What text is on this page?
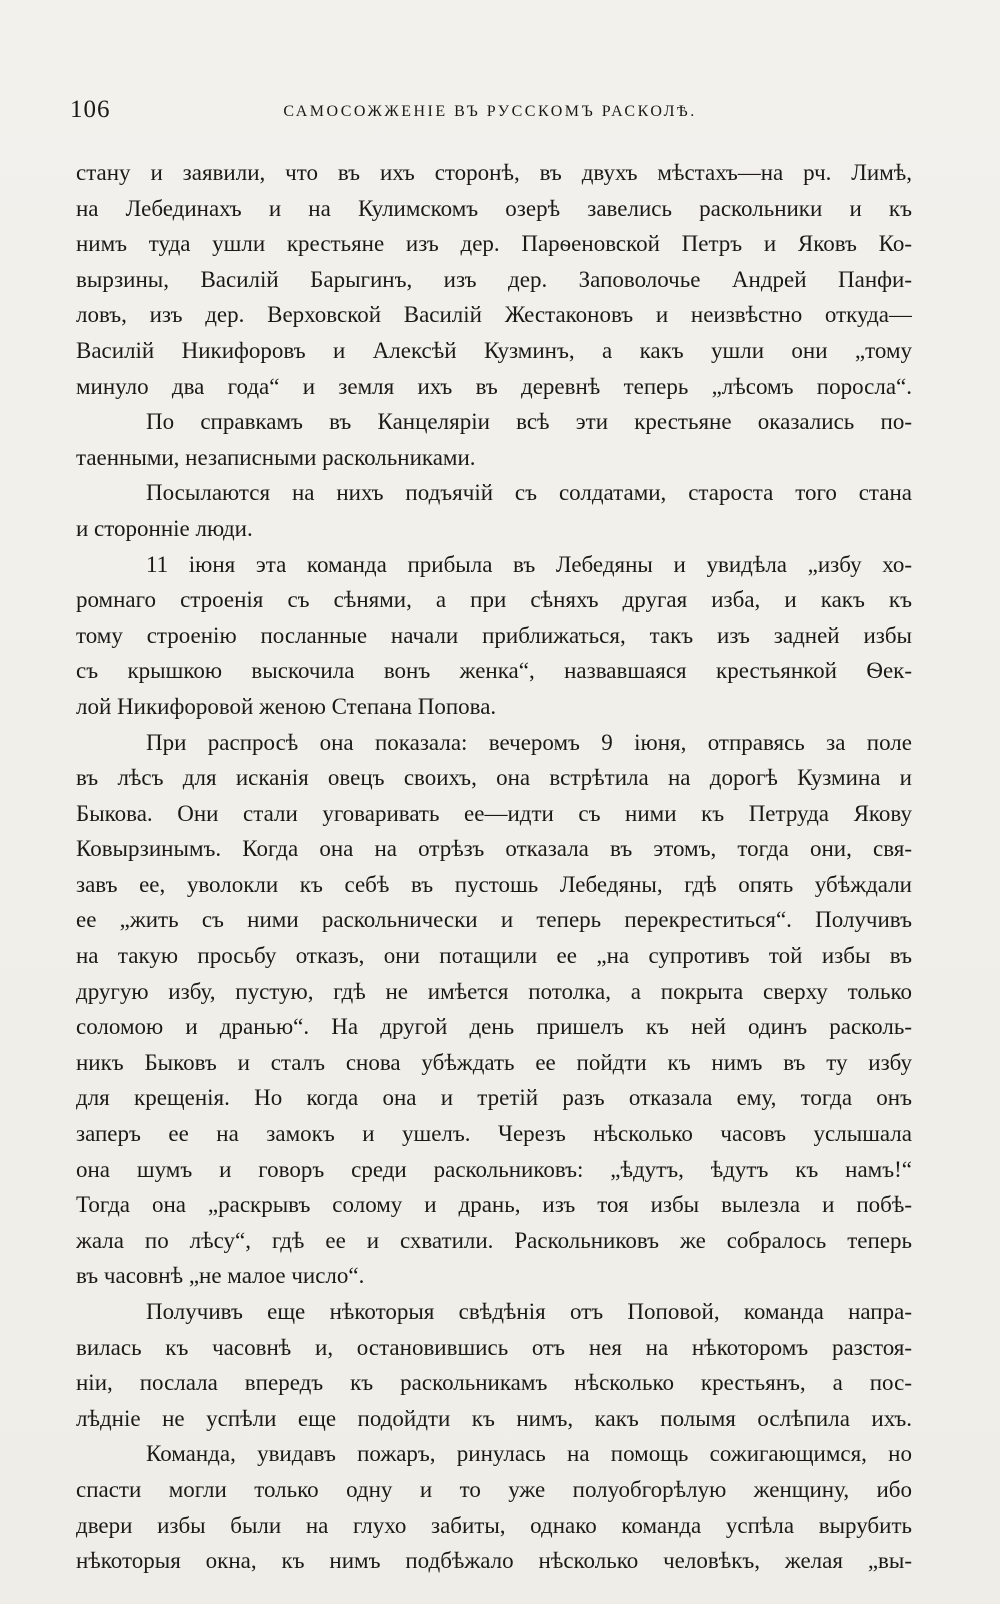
106	САМОСОЖЖЕНІЕ ВЪ РУССКОМЪ РАСКОЛѢ.
стану и заявили, что въ ихъ сторонѣ, въ двухъ мѣстахъ—на рч. Лимѣ,
на Лебединахъ и на Кулимскомъ озерѣ завелись раскольники и къ
нимъ туда ушли крестьяне изъ дер. Парѳеновской Петръ и Яковъ Ко-
вырзины, Василій Барыгинъ, изъ дер. Заповолочье Андрей Панфи-
ловъ, изъ дер. Верховской Василій Жестаконовъ и неизвѣстно откуда—
Василій Никифоровъ и Алексѣй Кузминъ, а какъ ушли они „тому
минуло два года“ и земля ихъ въ деревнѣ теперь „лѣсомъ поросла“.
По справкамъ въ Канцеляріи всѣ эти крестьяне оказались по-
таенными, незаписными раскольниками.
Посылаются на нихъ подъячій съ солдатами, староста того стана
и сторонніе люди.
11 іюня эта команда прибыла въ Лебедяны и увидѣла „избу хо-
ромнаго строенія съ сѣнями, а при сѣняхъ другая изба, и какъ къ
тому строенію посланные начали приближаться, такъ изъ задней избы
съ крышкою выскочила вонъ женка“, назвавшаяся крестьянкой Ѳек-
лой Никифоровой женою Степана Попова.
При распросѣ она показала: вечеромъ 9 іюня, отправясь за поле
въ лѣсъ для исканія овецъ своихъ, она встрѣтила на дорогѣ Кузмина и
Быкова. Они стали уговаривать ее—идти съ ними къ Петруда Якову
Ковырзинымъ. Когда она на отрѣзъ отказала въ этомъ, тогда они, свя-
завъ ее, уволокли къ себѣ въ пустошь Лебедяны, гдѣ опять убѣждали
ее „жить съ ними раскольнически и теперь перекреститься“. Получивъ
на такую просьбу отказъ, они потащили ее „на супротивъ той избы въ
другую избу, пустую, гдѣ не имѣется потолка, а покрыта сверху только
соломою и дранью“. На другой день пришелъ къ ней одинъ расколь-
никъ Быковъ и сталъ снова убѣждать ее пойдти къ нимъ въ ту избу
для крещенія. Но когда она и третій разъ отказала ему, тогда онъ
заперъ ее на замокъ и ушелъ. Черезъ нѣсколько часовъ услышала
она шумъ и говоръ среди раскольниковъ: „ѣдутъ, ѣдутъ къ намъ!“
Тогда она „раскрывъ солому и дрань, изъ тоя избы вылезла и побѣ-
жала по лѣсу“, гдѣ ее и схватили. Раскольниковъ же собралось теперь
въ часовнѣ „не малое число“.
Получивъ еще нѣкоторыя свѣдѣнія отъ Поповой, команда напра-
вилась къ часовнѣ и, остановившись отъ нея на нѣкоторомъ разстоя-
ніи, послала впередъ къ раскольникамъ нѣсколько крестьянъ, а пос-
лѣдніе не успѣли еще подойдти къ нимъ, какъ полымя ослѣпила ихъ.
Команда, увидавъ пожаръ, ринулась на помощь сожигающимся, но
спасти могли только одну и то уже полуобгорѣлую женщину, ибо
двери избы были на глухо забиты, однако команда успѣла вырубить
нѣкоторыя окна, къ нимъ подбѣжало нѣсколько человѣкъ, желая „вы-
